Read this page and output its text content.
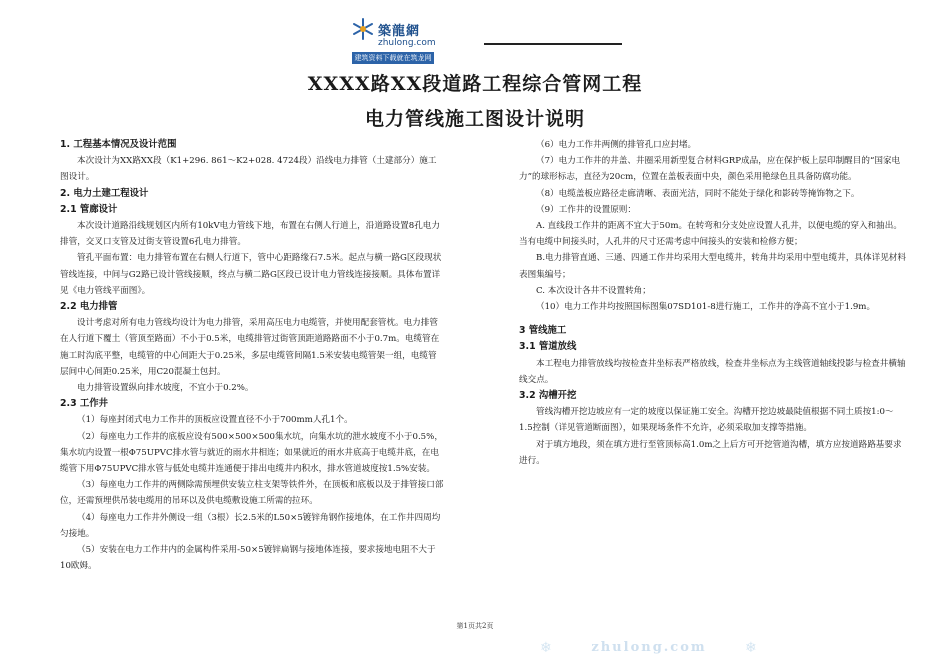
築龍網
zhulong.com
建筑资料下载就在筑龙网
XXXX路XX段道路工程综合管网工程
电力管线施工图设计说明

1. 工程基本情况及设计范围

本次设计为XX路XX段（K1+296. 861～K2+028. 4724段）沿线电力排管（土建部分）施工图设计。

2. 电力土建工程设计

2.1 管廊设计

本次设计道路沿线规划区内所有10kV电力管线下地，布置在右侧人行道上，沿道路设置8孔电力排管，交叉口支管及过街支管设置6孔电力排管。

管孔平面布置：电力排管布置在右侧人行道下，管中心距路缘石7.5米。起点与横一路G区段现状管线连接，中间与G2路已设计管线接顺，终点与横二路G区段已设计电力管线连接接顺。具体布置详见《电力管线平面图》。

2.2 电力排管

设计考虑对所有电力管线均设计为电力排管，采用高压电力电缆管，并使用配套管枕。电力排管在人行道下覆土（管顶至路面）不小于0.5米，电缆排管过街管顶距道路路面不小于0.7m。电缆管在施工时沟底平整，电缆管的中心间距大于0.25米，多层电缆管间隔1.5米安装电缆管架一组，电缆管层间中心间距0.25米，用C20混凝土包封。

电力排管设置纵向排水坡度，不宜小于0.2%。

2.3 工作井

（1）每座封闭式电力工作井的顶板应设置直径不小于700mm人孔1个。

（2）每座电力工作井的底板应设有500×500×500集水坑，向集水坑的泄水坡度不小于0.5%，集水坑内设置一根Φ75UPVC排水管与就近的雨水井相连；如果就近的雨水井底高于电缆井底，在电缆管下用Φ75UPVC排水管与低处电缆井连通便于排出电缆井内积水，排水管道坡度按1.5%安装。

（3）每座电力工作井的两侧除需预埋供安装立柱支架等铁件外，在顶板和底板以及于排管接口部位，还需预埋供吊装电缆用的吊环以及供电缆敷设施工所需的拉环。

（4）每座电力工作井外侧设一组（3根）长2.5米的L50×5镀锌角钢作接地体，在工作井四周均匀接地。

（5）安装在电力工作井内的金属构件采用-50×5镀锌扁钢与接地体连接，要求接地电阻不大于10欧姆。

（6）电力工作井两侧的排管孔口应封堵。

（7）电力工作井的井盖、井圈采用新型复合材料GRP成品，应在保护板上层印制醒目的“国家电力”的球形标志，直径为20cm，位置在盖板表面中央，颜色采用艳绿色且具备防腐功能。

（8）电缆盖板应路径走廊清晰、表面光洁，同时不能处于绿化和影砖等掩饰物之下。

（9）工作井的设置原则：

A. 直线段工作井的距离不宜大于50m。在转弯和分支处应设置人孔井，以便电缆的穿入和抽出。当有电缆中间接头时，人孔井的尺寸还需考虑中间接头的安装和检修方便；

B.电力排管直通、三通、四通工作井均采用大型电缆井，转角井均采用中型电缆井，具体详见材料表图集编号；

C. 本次设计各井不设置转角；

（10）电力工作井均按照国标图集07SD101-8进行施工，工作井的净高不宜小于1.9m。

3 管线施工

3.1 管道放线

本工程电力排管放线均按检查井坐标表严格放线，检查井坐标点为主线管道轴线投影与检查井横轴线交点。

3.2 沟槽开挖

管线沟槽开挖边坡应有一定的坡度以保证施工安全。沟槽开挖边坡最陡值根据不同土质按1:0～1.5控制（详见管道断面图），如果现场条件不允许，必须采取加支撑等措施。

对于填方地段，须在填方进行至管顶标高1.0m之上后方可开挖管道沟槽，填方应按道路路基要求进行。

第1页共2页
zhulong.com
❄	❄
